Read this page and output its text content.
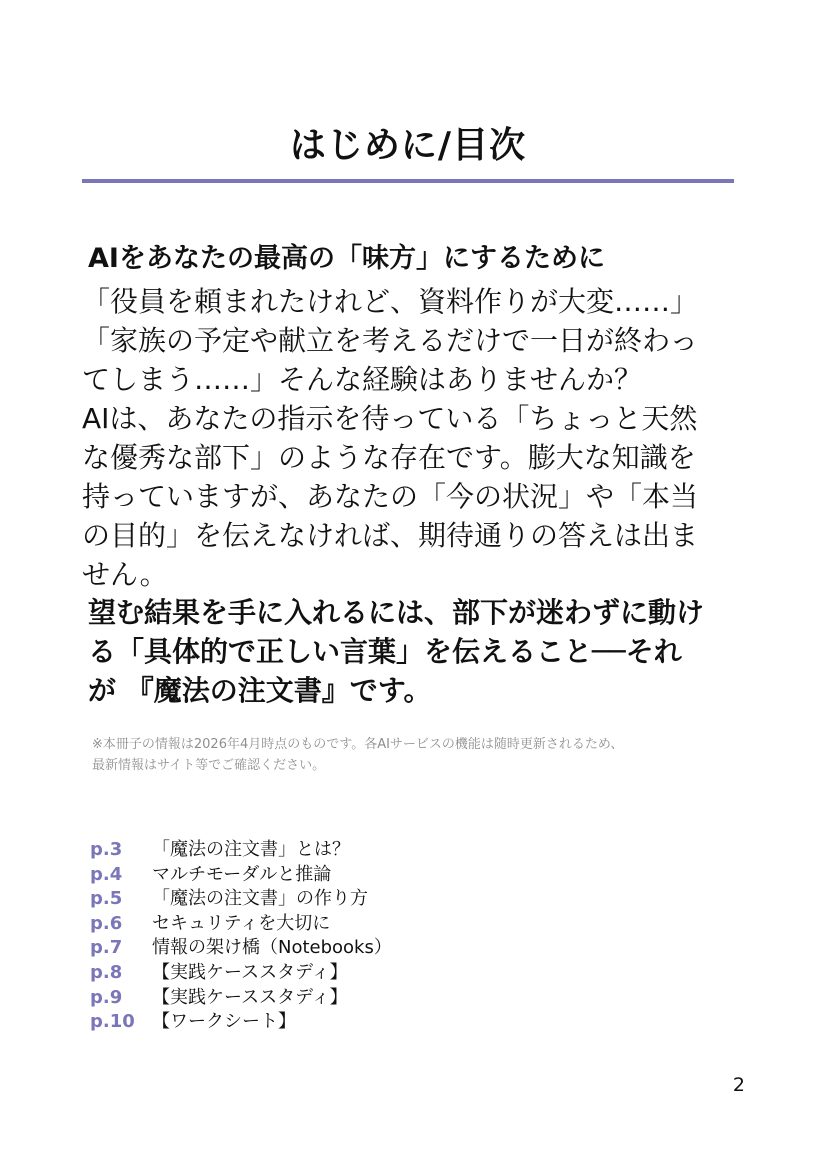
はじめに/目次
AIをあなたの最高の「味方」にするために

「役員を頼まれたけれど、資料作りが大変……」
「家族の予定や献立を考えるだけで一日が終わっ
てしまう……」そんな経験はありませんか？
AIは、あなたの指示を待っている「ちょっと天然
な優秀な部下」のような存在です。膨大な知識を
持っていますが、あなたの「今の状況」や「本当
の目的」を伝えなければ、期待通りの答えは出ま
せん。

望む結果を手に入れるには、部下が迷わずに動け
る「具体的で正しい言葉」を伝えること──それ
が 『魔法の注文書』です。

※本冊子の情報は2026年4月時点のものです。各AIサービスの機能は随時更新されるため、
最新情報はサイト等でご確認ください。

p.3	「魔法の注文書」とは？
p.4	マルチモーダルと推論
p.5	「魔法の注文書」の作り方
p.6	セキュリティを大切に
p.7	情報の架け橋（Notebooks）
p.8	【実践ケーススタディ】
p.9	【実践ケーススタディ】
p.10 【ワークシート】
2
